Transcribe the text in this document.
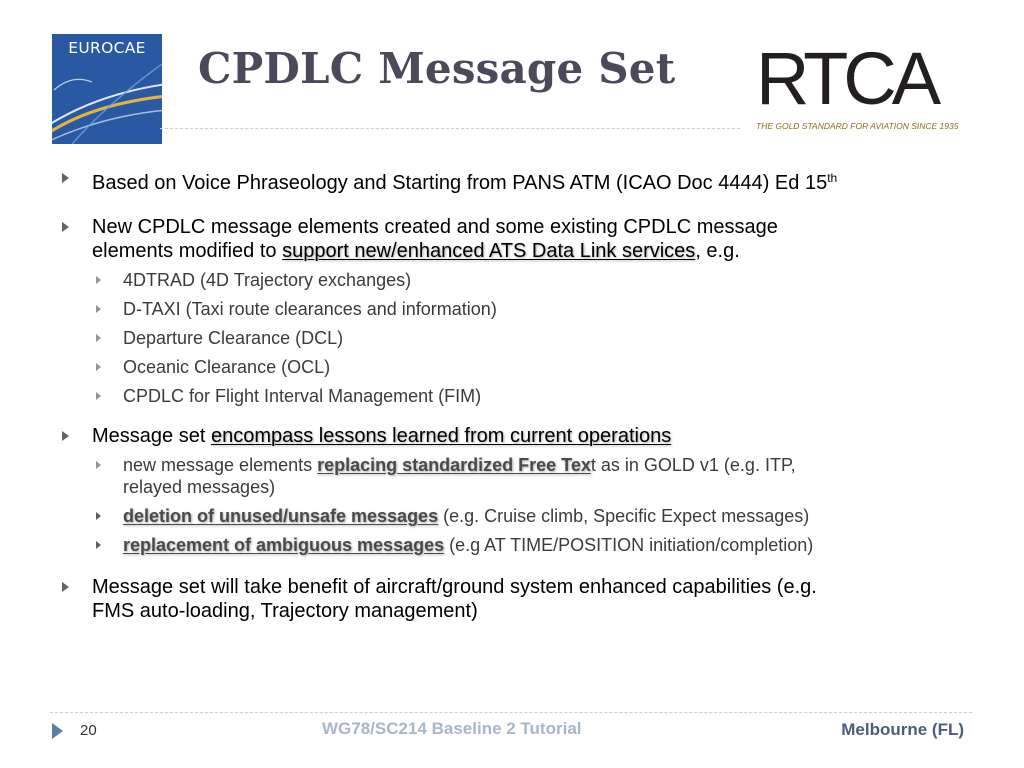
EUROCAE	CPDLC Message Set RTCA
THE GOLD STANDARD FOR AVIATION SINCE 1935
Based on Voice Phraseology and Starting from PANS ATM (ICAO Doc 4444) Ed 15th
New CPDLC message elements created and some existing CPDLC message
elements modified to support new/enhanced ATS Data Link services, e.g.
4DTRAD (4D Trajectory exchanges)
D-TAXI (Taxi route clearances and information)
Departure Clearance (DCL)
Oceanic Clearance (OCL)
CPDLC for Flight Interval Management (FIM)
Message set encompass lessons learned from current operations
new message elements replacing standardized Free Text as in GOLD v1 (e.g. ITP,
relayed messages)
deletion of unused/unsafe messages (e.g. Cruise climb, Specific Expect messages)
replacement of ambiguous messages (e.g AT TIME/POSITION initiation/completion)
Message set will take benefit of aircraft/ground system enhanced capabilities (e.g.
FMS auto-loading, Trajectory management)
20	WG78/SC214 Baseline 2 Tutorial	Melbourne (FL)
